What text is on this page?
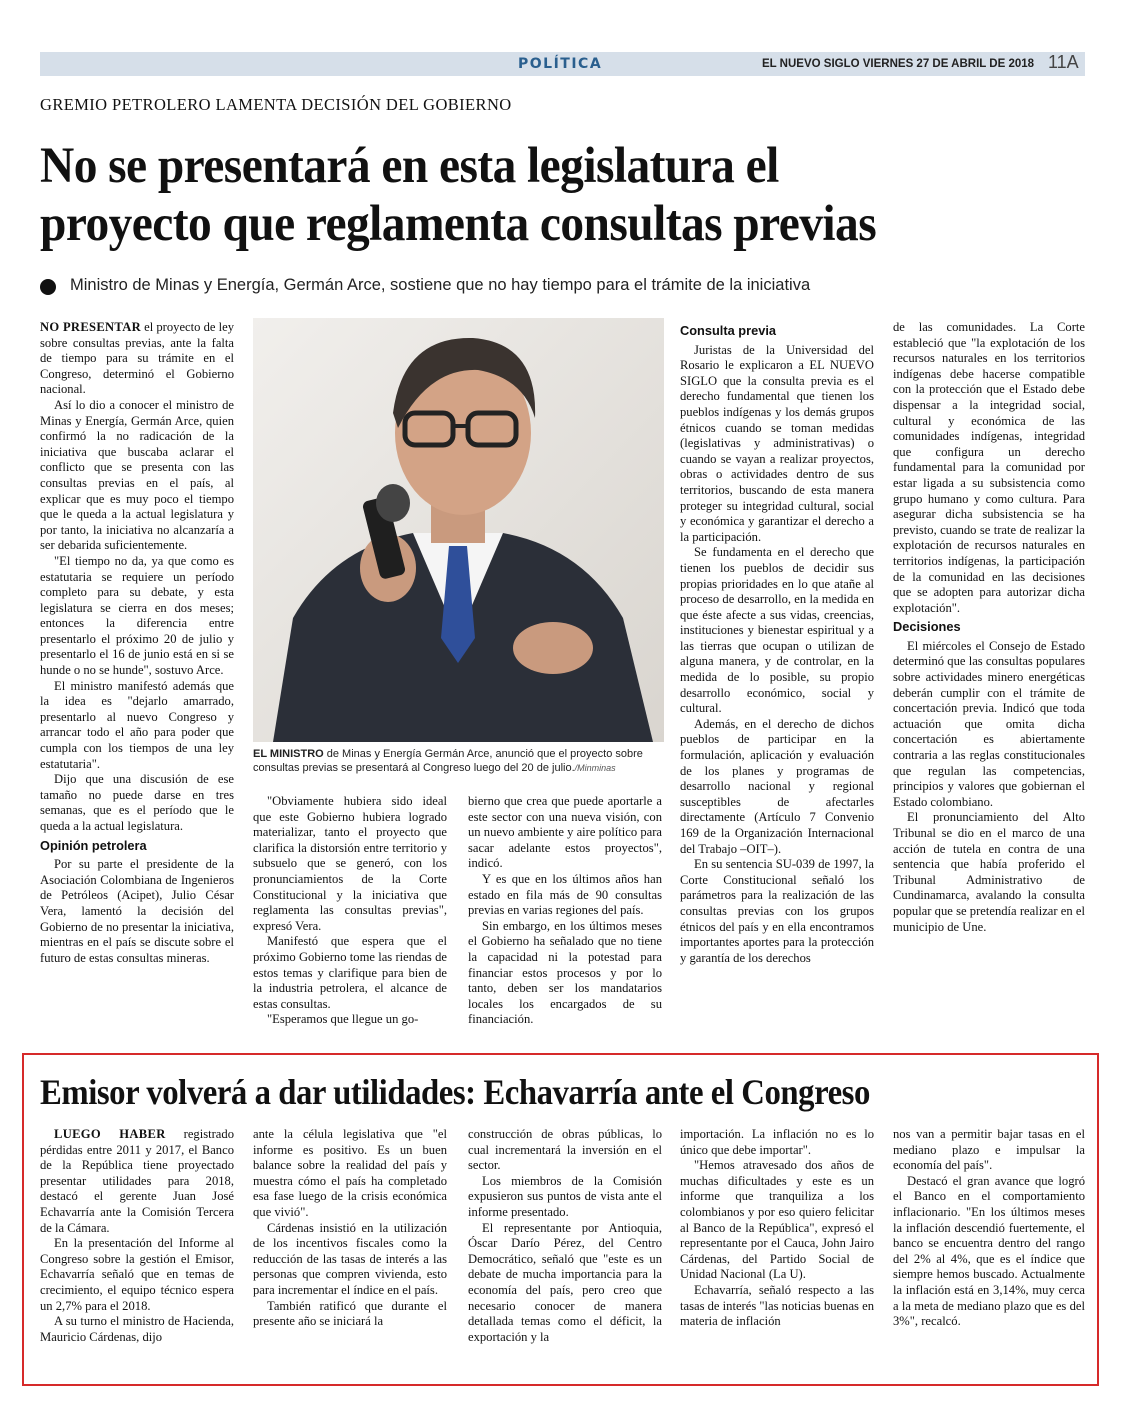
POLÍTICA	EL NUEVO SIGLO VIERNES 27 DE ABRIL DE 2018 11A
GREMIO PETROLERO LAMENTA DECISIÓN DEL GOBIERNO
No se presentará en esta legislatura el
proyecto que reglamenta consultas previas
Ministro de Minas y Energía, Germán Arce, sostiene que no hay tiempo para el trámite de la iniciativa

NO PRESENTAR el proyecto de ley sobre consultas previas, ante la falta de tiempo para su trámite en el Congreso, determinó el Gobierno nacional.

Así lo dio a conocer el ministro de Minas y Energía, Germán Arce, quien confirmó la no radicación de la iniciativa que buscaba aclarar el conflicto que se presenta con las consultas previas en el país, al explicar que es muy poco el tiempo que le queda a la actual legislatura y por tanto, la iniciativa no alcanzaría a ser debarida suficientemente.

"El tiempo no da, ya que como es estatutaria se requiere un período completo para su debate, y esta legislatura se cierra en dos meses; entonces la diferencia entre presentarlo el próximo 20 de julio y presentarlo el 16 de junio está en si se hunde o no se hunde", sostuvo Arce.

El ministro manifestó además que la idea es "dejarlo amarrado, presentarlo al nuevo Congreso y arrancar todo el año para poder que cumpla con los tiempos de una ley estatutaria".

Dijo que una discusión de ese tamaño no puede darse en tres semanas, que es el período que le queda a la actual legislatura.

Opinión petrolera

Por su parte el presidente de la Asociación Colombiana de Ingenieros de Petróleos (Acipet), Julio César Vera, lamentó la decisión del Gobierno de no presentar la iniciativa, mientras en el país se discute sobre el futuro de estas consultas mineras.

EL MINISTRO de Minas y Energía Germán Arce, anunció que el proyecto sobre consultas previas se presentará al Congreso luego del 20 de julio./Minminas

"Obviamente hubiera sido ideal que este Gobierno hubiera logrado materializar, tanto el proyecto que clarifica la distorsión entre territorio y subsuelo que se generó, con los pronunciamientos de la Corte Constitucional y la iniciativa que reglamenta las consultas previas", expresó Vera.

Manifestó que espera que el próximo Gobierno tome las riendas de estos temas y clarifique para bien de la industria petrolera, el alcance de estas consultas.

"Esperamos que llegue un go-

bierno que crea que puede aportarle a este sector con una nueva visión, con un nuevo ambiente y aire político para sacar adelante estos proyectos", indicó.

Y es que en los últimos años han estado en fila más de 90 consultas previas en varias regiones del país.

Sin embargo, en los últimos meses el Gobierno ha señalado que no tiene la capacidad ni la potestad para financiar estos procesos y por lo tanto, deben ser los mandatarios locales los encargados de su financiación.

Consulta previa

Juristas de la Universidad del Rosario le explicaron a EL NUEVO SIGLO que la consulta previa es el derecho fundamental que tienen los pueblos indígenas y los demás grupos étnicos cuando se toman medidas (legislativas y administrativas) o cuando se vayan a realizar proyectos, obras o actividades dentro de sus territorios, buscando de esta manera proteger su integridad cultural, social y económica y garantizar el derecho a la participación.

Se fundamenta en el derecho que tienen los pueblos de decidir sus propias prioridades en lo que atañe al proceso de desarrollo, en la medida en que éste afecte a sus vidas, creencias, instituciones y bienestar espiritual y a las tierras que ocupan o utilizan de alguna manera, y de controlar, en la medida de lo posible, su propio desarrollo económico, social y cultural.

Además, en el derecho de dichos pueblos de participar en la formulación, aplicación y evaluación de los planes y programas de desarrollo nacional y regional susceptibles de afectarles directamente (Artículo 7 Convenio 169 de la Organización Internacional del Trabajo –OIT–).

En su sentencia SU-039 de 1997, la Corte Constitucional señaló los parámetros para la realización de las consultas previas con los grupos étnicos del país y en ella encontramos importantes aportes para la protección y garantía de los derechos

de las comunidades. La Corte estableció que "la explotación de los recursos naturales en los territorios indígenas debe hacerse compatible con la protección que el Estado debe dispensar a la integridad social, cultural y económica de las comunidades indígenas, integridad que configura un derecho fundamental para la comunidad por estar ligada a su subsistencia como grupo humano y como cultura. Para asegurar dicha subsistencia se ha previsto, cuando se trate de realizar la explotación de recursos naturales en territorios indígenas, la participación de la comunidad en las decisiones que se adopten para autorizar dicha explotación".

Decisiones

El miércoles el Consejo de Estado determinó que las consultas populares sobre actividades minero energéticas deberán cumplir con el trámite de concertación previa. Indicó que toda actuación que omita dicha concertación es abiertamente contraria a las reglas constitucionales que regulan las competencias, principios y valores que gobiernan el Estado colombiano.

El pronunciamiento del Alto Tribunal se dio en el marco de una acción de tutela en contra de una sentencia que había proferido el Tribunal Administrativo de Cundinamarca, avalando la consulta popular que se pretendía realizar en el municipio de Une.

Emisor volverá a dar utilidades: Echavarría ante el Congreso

LUEGO HABER registrado pérdidas entre 2011 y 2017, el Banco de la República tiene proyectado presentar utilidades para 2018, destacó el gerente Juan José Echavarría ante la Comisión Tercera de la Cámara.

En la presentación del Informe al Congreso sobre la gestión el Emisor, Echavarría señaló que en temas de crecimiento, el equipo técnico espera un 2,7% para el 2018.

A su turno el ministro de Hacienda, Mauricio Cárdenas, dijo

ante la célula legislativa que "el informe es positivo. Es un buen balance sobre la realidad del país y muestra cómo el país ha completado esa fase luego de la crisis económica que vivió".

Cárdenas insistió en la utilización de los incentivos fiscales como la reducción de las tasas de interés a las personas que compren vivienda, esto para incrementar el índice en el país.

También ratificó que durante el presente año se iniciará la

construcción de obras públicas, lo cual incrementará la inversión en el sector.

Los miembros de la Comisión expusieron sus puntos de vista ante el informe presentado.

El representante por Antioquia, Óscar Darío Pérez, del Centro Democrático, señaló que "este es un debate de mucha importancia para la economía del país, pero creo que necesario conocer de manera detallada temas como el déficit, la exportación y la

importación. La inflación no es lo único que debe importar".

"Hemos atravesado dos años de muchas dificultades y este es un informe que tranquiliza a los colombianos y por eso quiero felicitar al Banco de la República", expresó el representante por el Cauca, John Jairo Cárdenas, del Partido Social de Unidad Nacional (La U).

Echavarría, señaló respecto a las tasas de interés "las noticias buenas en materia de inflación

nos van a permitir bajar tasas en el mediano plazo e impulsar la economía del país".

Destacó el gran avance que logró el Banco en el comportamiento inflacionario. "En los últimos meses la inflación descendió fuertemente, el banco se encuentra dentro del rango del 2% al 4%, que es el índice que siempre hemos buscado. Actualmente la inflación está en 3,14%, muy cerca a la meta de mediano plazo que es del 3%", recalcó.
